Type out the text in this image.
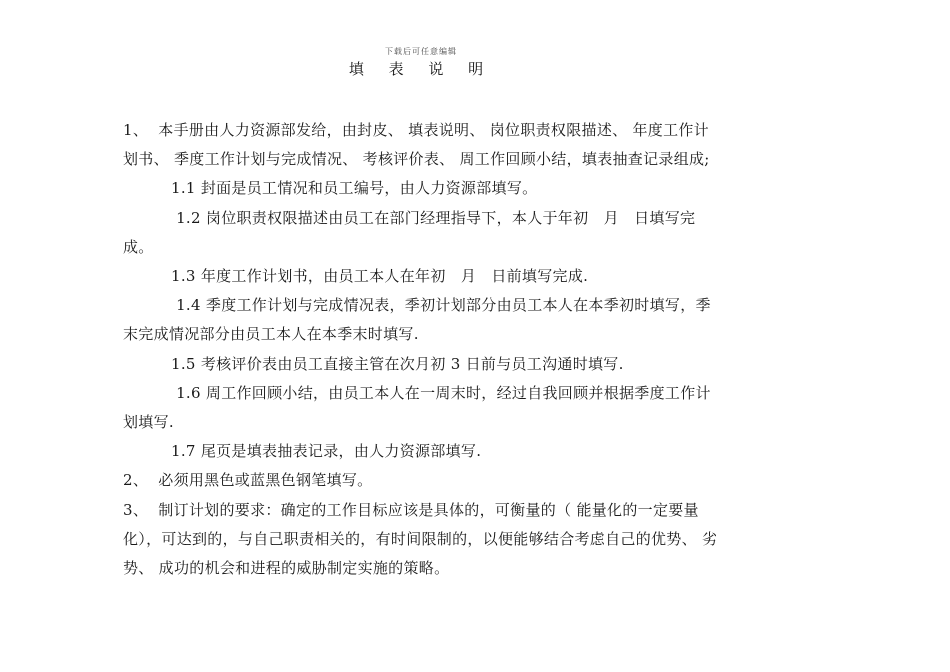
下载后可任意编辑
填 表 说 明

1、  本手册由人力资源部发给，由封皮、 填表说明、 岗位职责权限描述、 年度工作计划书、 季度工作计划与完成情况、 考核评价表、 周工作回顾小结，填表抽查记录组成;

1.1 封面是员工情况和员工编号，由人力资源部填写。

1.2 岗位职责权限描述由员工在部门经理指导下，本人于年初   月   日填写完成。

1.3 年度工作计划书，由员工本人在年初   月   日前填写完成.

1.4 季度工作计划与完成情况表，季初计划部分由员工本人在本季初时填写，季末完成情况部分由员工本人在本季末时填写.

1.5 考核评价表由员工直接主管在次月初 3 日前与员工沟通时填写.

1.6 周工作回顾小结，由员工本人在一周末时，经过自我回顾并根据季度工作计划填写.

1.7 尾页是填表抽表记录，由人力资源部填写.

2、  必须用黑色或蓝黑色钢笔填写。

3、  制订计划的要求：确定的工作目标应该是具体的，可衡量的（ 能量化的一定要量化），可达到的，与自己职责相关的，有时间限制的，以便能够结合考虑自己的优势、 劣势、 成功的机会和进程的威胁制定实施的策略。
